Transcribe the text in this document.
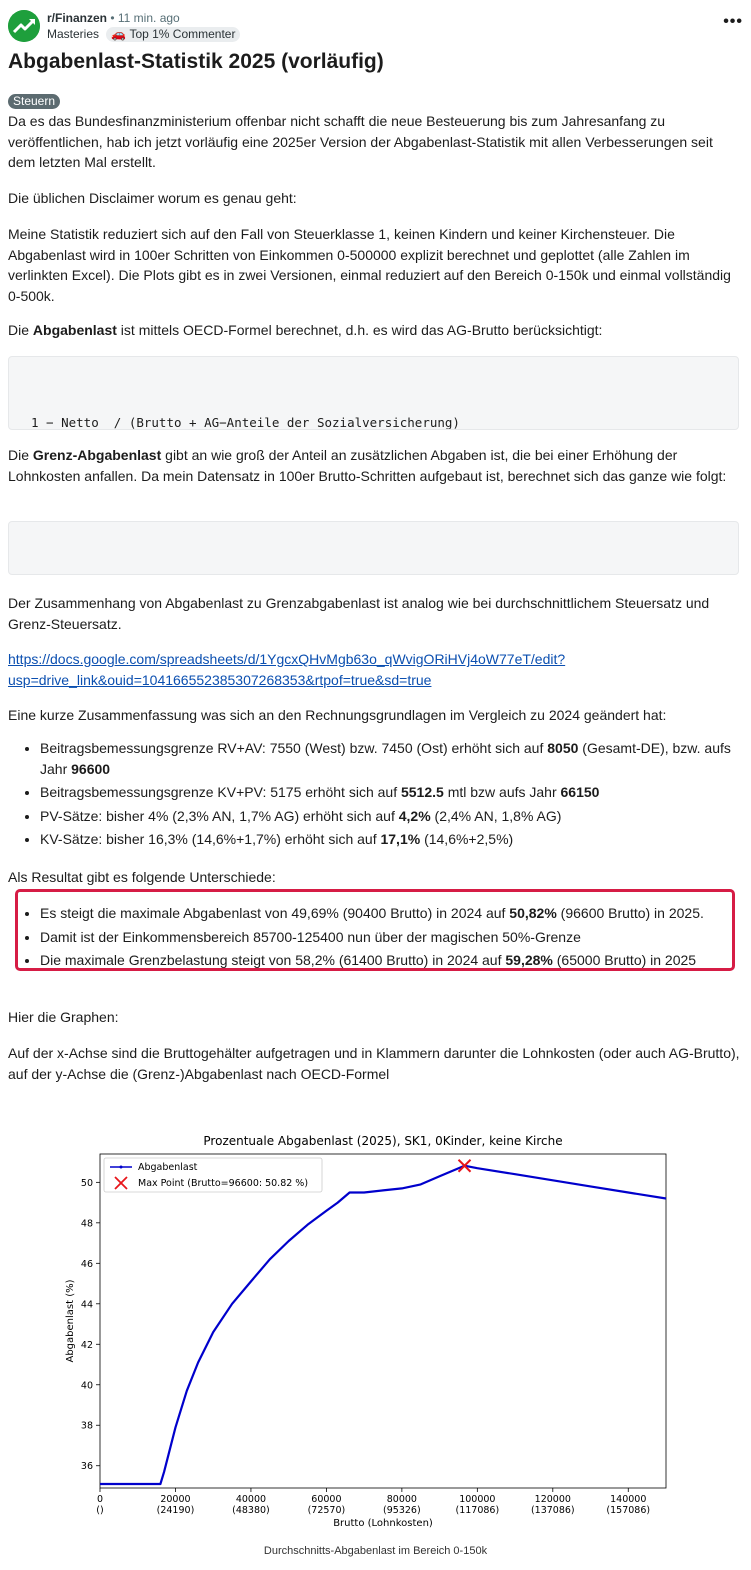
r/Finanzen • 11 min. ago
Masteries 🚗 Top 1% Commenter
•••
Abgabenlast-Statistik 2025 (vorläufig)
Steuern

Da es das Bundesfinanzministerium offenbar nicht schafft die neue Besteuerung bis zum Jahresanfang zu veröffentlichen, hab ich jetzt vorläufig eine 2025er Version der Abgabenlast-Statistik mit allen Verbesserungen seit dem letzten Mal erstellt.

Die üblichen Disclaimer worum es genau geht:

Meine Statistik reduziert sich auf den Fall von Steuerklasse 1, keinen Kindern und keiner Kirchensteuer. Die Abgabenlast wird in 100er Schritten von Einkommen 0-500000 explizit berechnet und geplottet (alle Zahlen im verlinkten Excel). Die Plots gibt es in zwei Versionen, einmal reduziert auf den Bereich 0-150k und einmal vollständig 0-500k.

Die Abgabenlast ist mittels OECD-Formel berechnet, d.h. es wird das AG-Brutto berücksichtigt:

1 − Netto  / (Brutto + AG−Anteile der Sozialversicherung)

Die Grenz-Abgabenlast gibt an wie groß der Anteil an zusätzlichen Abgaben ist, die bei einer Erhöhung der Lohnkosten anfallen. Da mein Datensatz in 100er Brutto-Schritten aufgebaut ist, berechnet sich das ganze wie folgt:

Der Zusammenhang von Abgabenlast zu Grenzabgabenlast ist analog wie bei durchschnittlichem Steuersatz und Grenz-Steuersatz.

https://docs.google.com/spreadsheets/d/1YgcxQHvMgb63o_qWvigORiHVj4oW77eT/edit?
usp=drive_link&ouid=104166552385307268353&rtpof=true&sd=true

Eine kurze Zusammenfassung was sich an den Rechnungsgrundlagen im Vergleich zu 2024 geändert hat:

• Beitragsbemessungsgrenze RV+AV: 7550 (West) bzw. 7450 (Ost) erhöht sich auf 8050 (Gesamt-DE), bzw. aufs Jahr 96600
• Beitragsbemessungsgrenze KV+PV: 5175 erhöht sich auf 5512.5 mtl bzw aufs Jahr 66150
• PV-Sätze: bisher 4% (2,3% AN, 1,7% AG) erhöht sich auf 4,2% (2,4% AN, 1,8% AG)
• KV-Sätze: bisher 16,3% (14,6%+1,7%) erhöht sich auf 17,1% (14,6%+2,5%)

Als Resultat gibt es folgende Unterschiede:

• Es steigt die maximale Abgabenlast von 49,69% (90400 Brutto) in 2024 auf 50,82% (96600 Brutto) in 2025.
• Damit ist der Einkommensbereich 85700-125400 nun über der magischen 50%-Grenze
• Die maximale Grenzbelastung steigt von 58,2% (61400 Brutto) in 2024 auf 59,28% (65000 Brutto) in 2025

Hier die Graphen:

Auf der x-Achse sind die Bruttogehälter aufgetragen und in Klammern darunter die Lohnkosten (oder auch AG-Brutto), auf der y-Achse die (Grenz-)Abgabenlast nach OECD-Formel

Prozentuale Abgabenlast (2025), SK1, 0Kinder, keine Kirche
0
()
20000
(24190)
40000
(48380)
60000
(72570)
80000
(95326)
100000
(117086)
120000
(137086)
140000
(157086)
36
38
40
42
44
46
48
50
Brutto (Lohnkosten)
Abgabenlast (%)
Abgabenlast
Max Point (Brutto=96600: 50.82 %)
Durchschnitts-Abgabenlast im Bereich 0-150k
